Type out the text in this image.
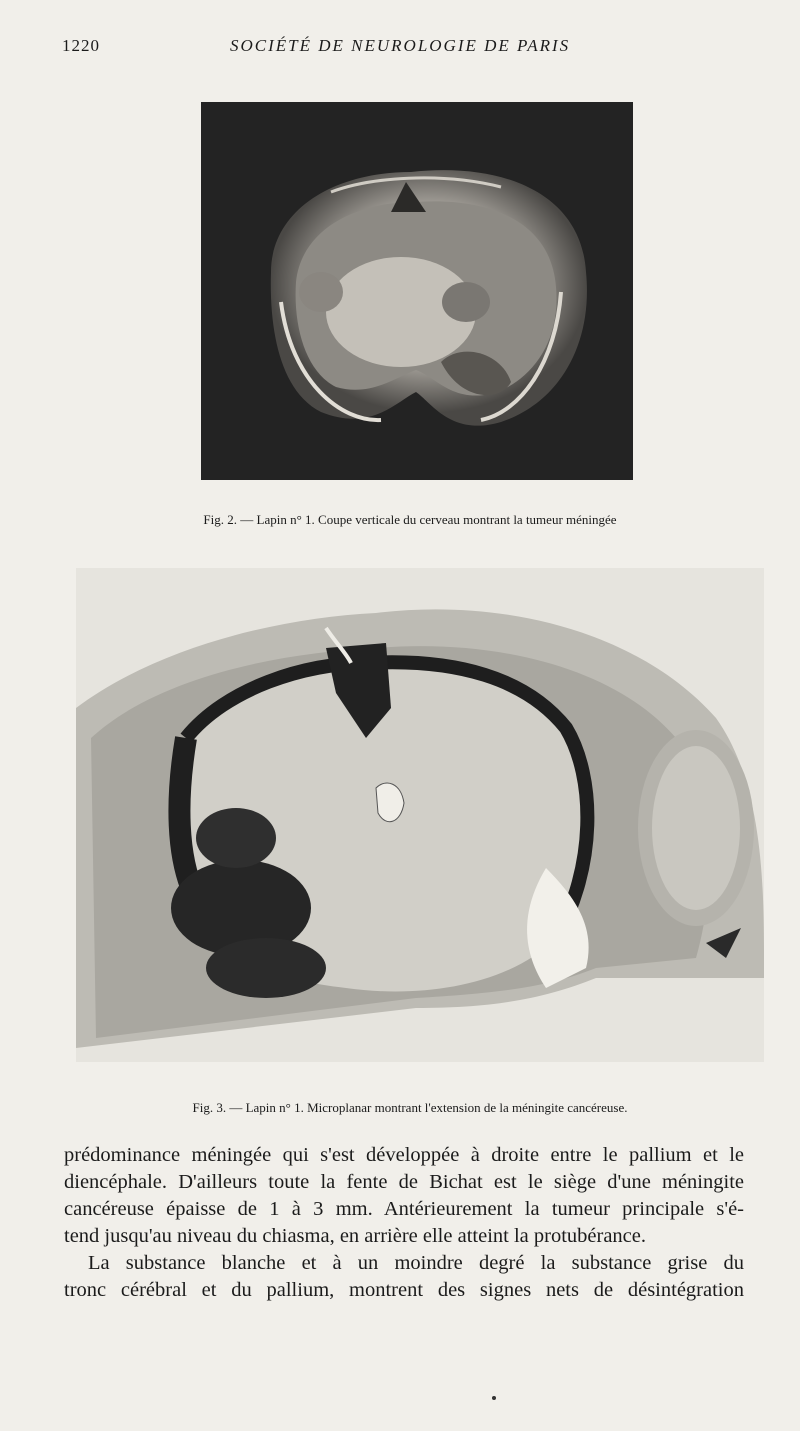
1220	SOCIÉTÉ DE NEUROLOGIE DE PARIS
Fig. 2. — Lapin n° 1. Coupe verticale du cerveau montrant la tumeur méningée
Fig. 3. — Lapin n° 1. Microplanar montrant l'extension de la méningite cancéreuse.

prédominance méningée qui s'est développée à droite entre le pallium et le

diencéphale. D'ailleurs toute la fente de Bichat est le siège d'une méningite

cancéreuse épaisse de 1 à 3 mm. Antérieurement la tumeur principale s'é-

tend jusqu'au niveau du chiasma, en arrière elle atteint la protubérance.

La substance blanche et à un moindre degré la substance grise du

tronc cérébral et du pallium, montrent des signes nets de désintégration
